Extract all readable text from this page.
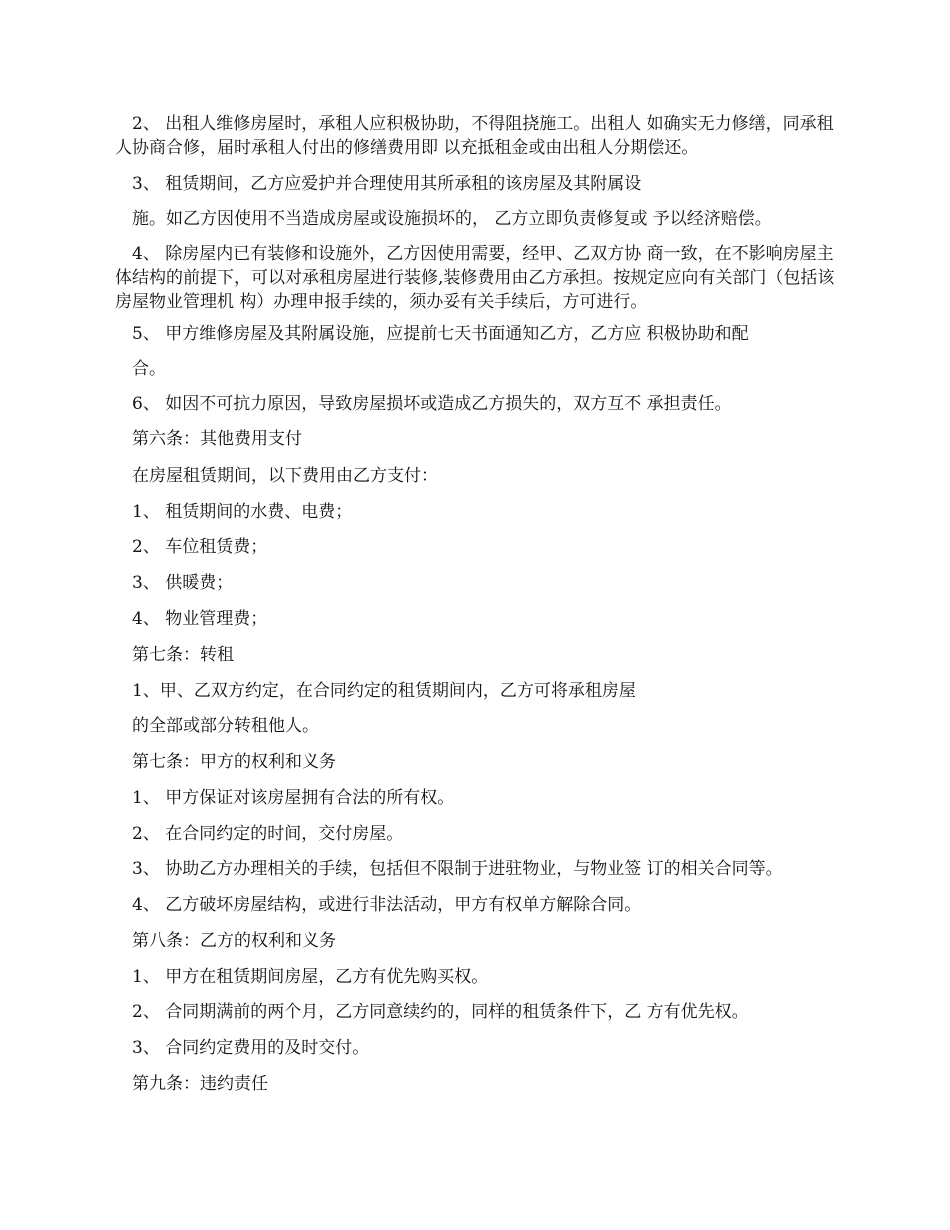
2、 出租人维修房屋时，承租人应积极协助，不得阻挠施工。出租人 如确实无力修缮，同承租人协商合修，届时承租人付出的修缮费用即 以充抵租金或由出租人分期偿还。
3、 租赁期间，乙方应爱护并合理使用其所承租的该房屋及其附属设
施。如乙方因使用不当造成房屋或设施损坏的， 乙方立即负责修复或 予以经济赔偿。
4、 除房屋内已有装修和设施外，乙方因使用需要，经甲、乙双方协 商一致，在不影响房屋主体结构的前提下，可以对承租房屋进行装修,装修费用由乙方承担。按规定应向有关部门（包括该房屋物业管理机 构）办理申报手续的，须办妥有关手续后，方可进行。
5、 甲方维修房屋及其附属设施，应提前七天书面通知乙方，乙方应 积极协助和配
合。
6、 如因不可抗力原因，导致房屋损坏或造成乙方损失的，双方互不 承担责任。
第六条：其他费用支付
在房屋租赁期间，以下费用由乙方支付：
1、 租赁期间的水费、电费；
2、 车位租赁费；
3、 供暖费；
4、 物业管理费；
第七条：转租
1、甲、乙双方约定，在合同约定的租赁期间内，乙方可将承租房屋
的全部或部分转租他人。
第七条：甲方的权利和义务
1、 甲方保证对该房屋拥有合法的所有权。
2、 在合同约定的时间，交付房屋。
3、 协助乙方办理相关的手续，包括但不限制于进驻物业，与物业签 订的相关合同等。
4、 乙方破坏房屋结构，或进行非法活动，甲方有权单方解除合同。
第八条：乙方的权利和义务
1、 甲方在租赁期间房屋，乙方有优先购买权。
2、 合同期满前的两个月，乙方同意续约的，同样的租赁条件下，乙 方有优先权。
3、 合同约定费用的及时交付。
第九条：违约责任
